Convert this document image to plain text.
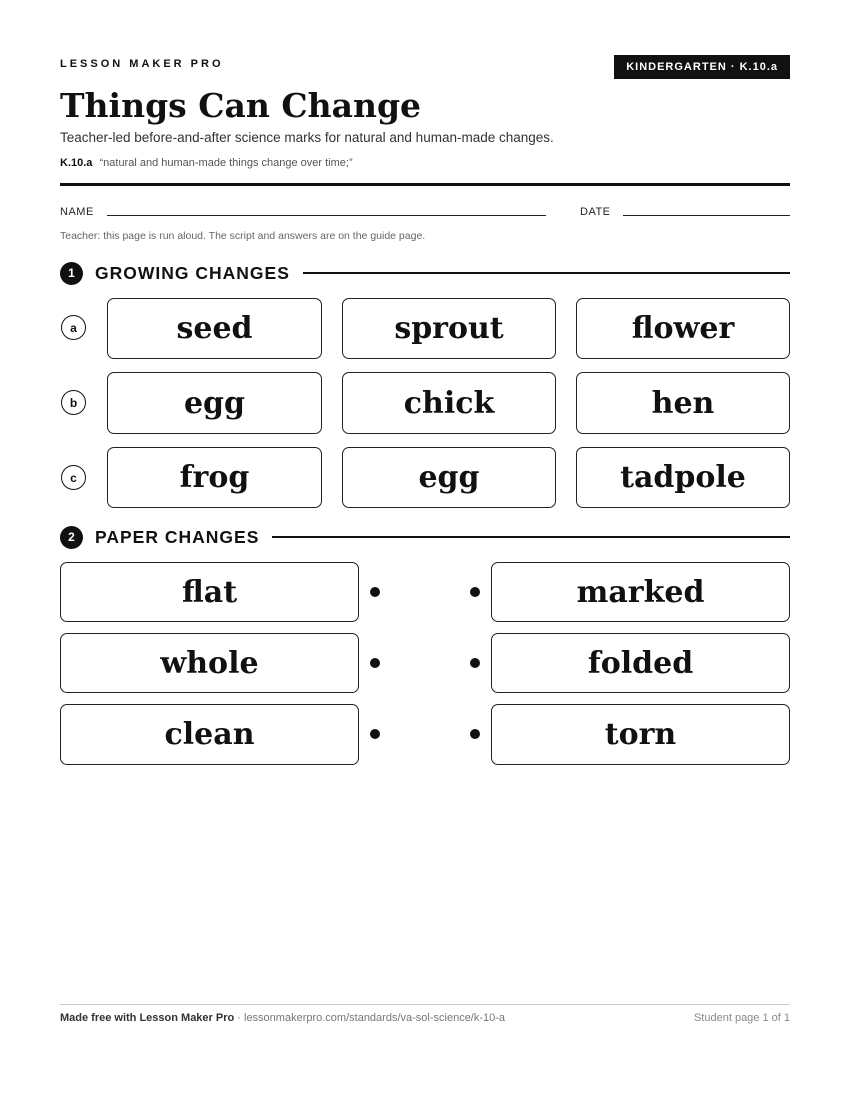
LESSON MAKER PRO	KINDERGARTEN · K.10.a
Things Can Change
Teacher-led before-and-after science marks for natural and human-made changes.
K.10.a “natural and human-made things change over time;”
NAME	DATE
Teacher: this page is run aloud. The script and answers are on the guide page.
1	GROWING CHANGES
a	seed	sprout	flower
b	egg	chick	hen
c	frog	egg	tadpole
2	PAPER CHANGES
flat	marked
whole	folded
clean	torn
Made free with Lesson Maker Pro · lessonmakerpro.com/standards/va-sol-science/k-10-a	Student page 1 of 1
